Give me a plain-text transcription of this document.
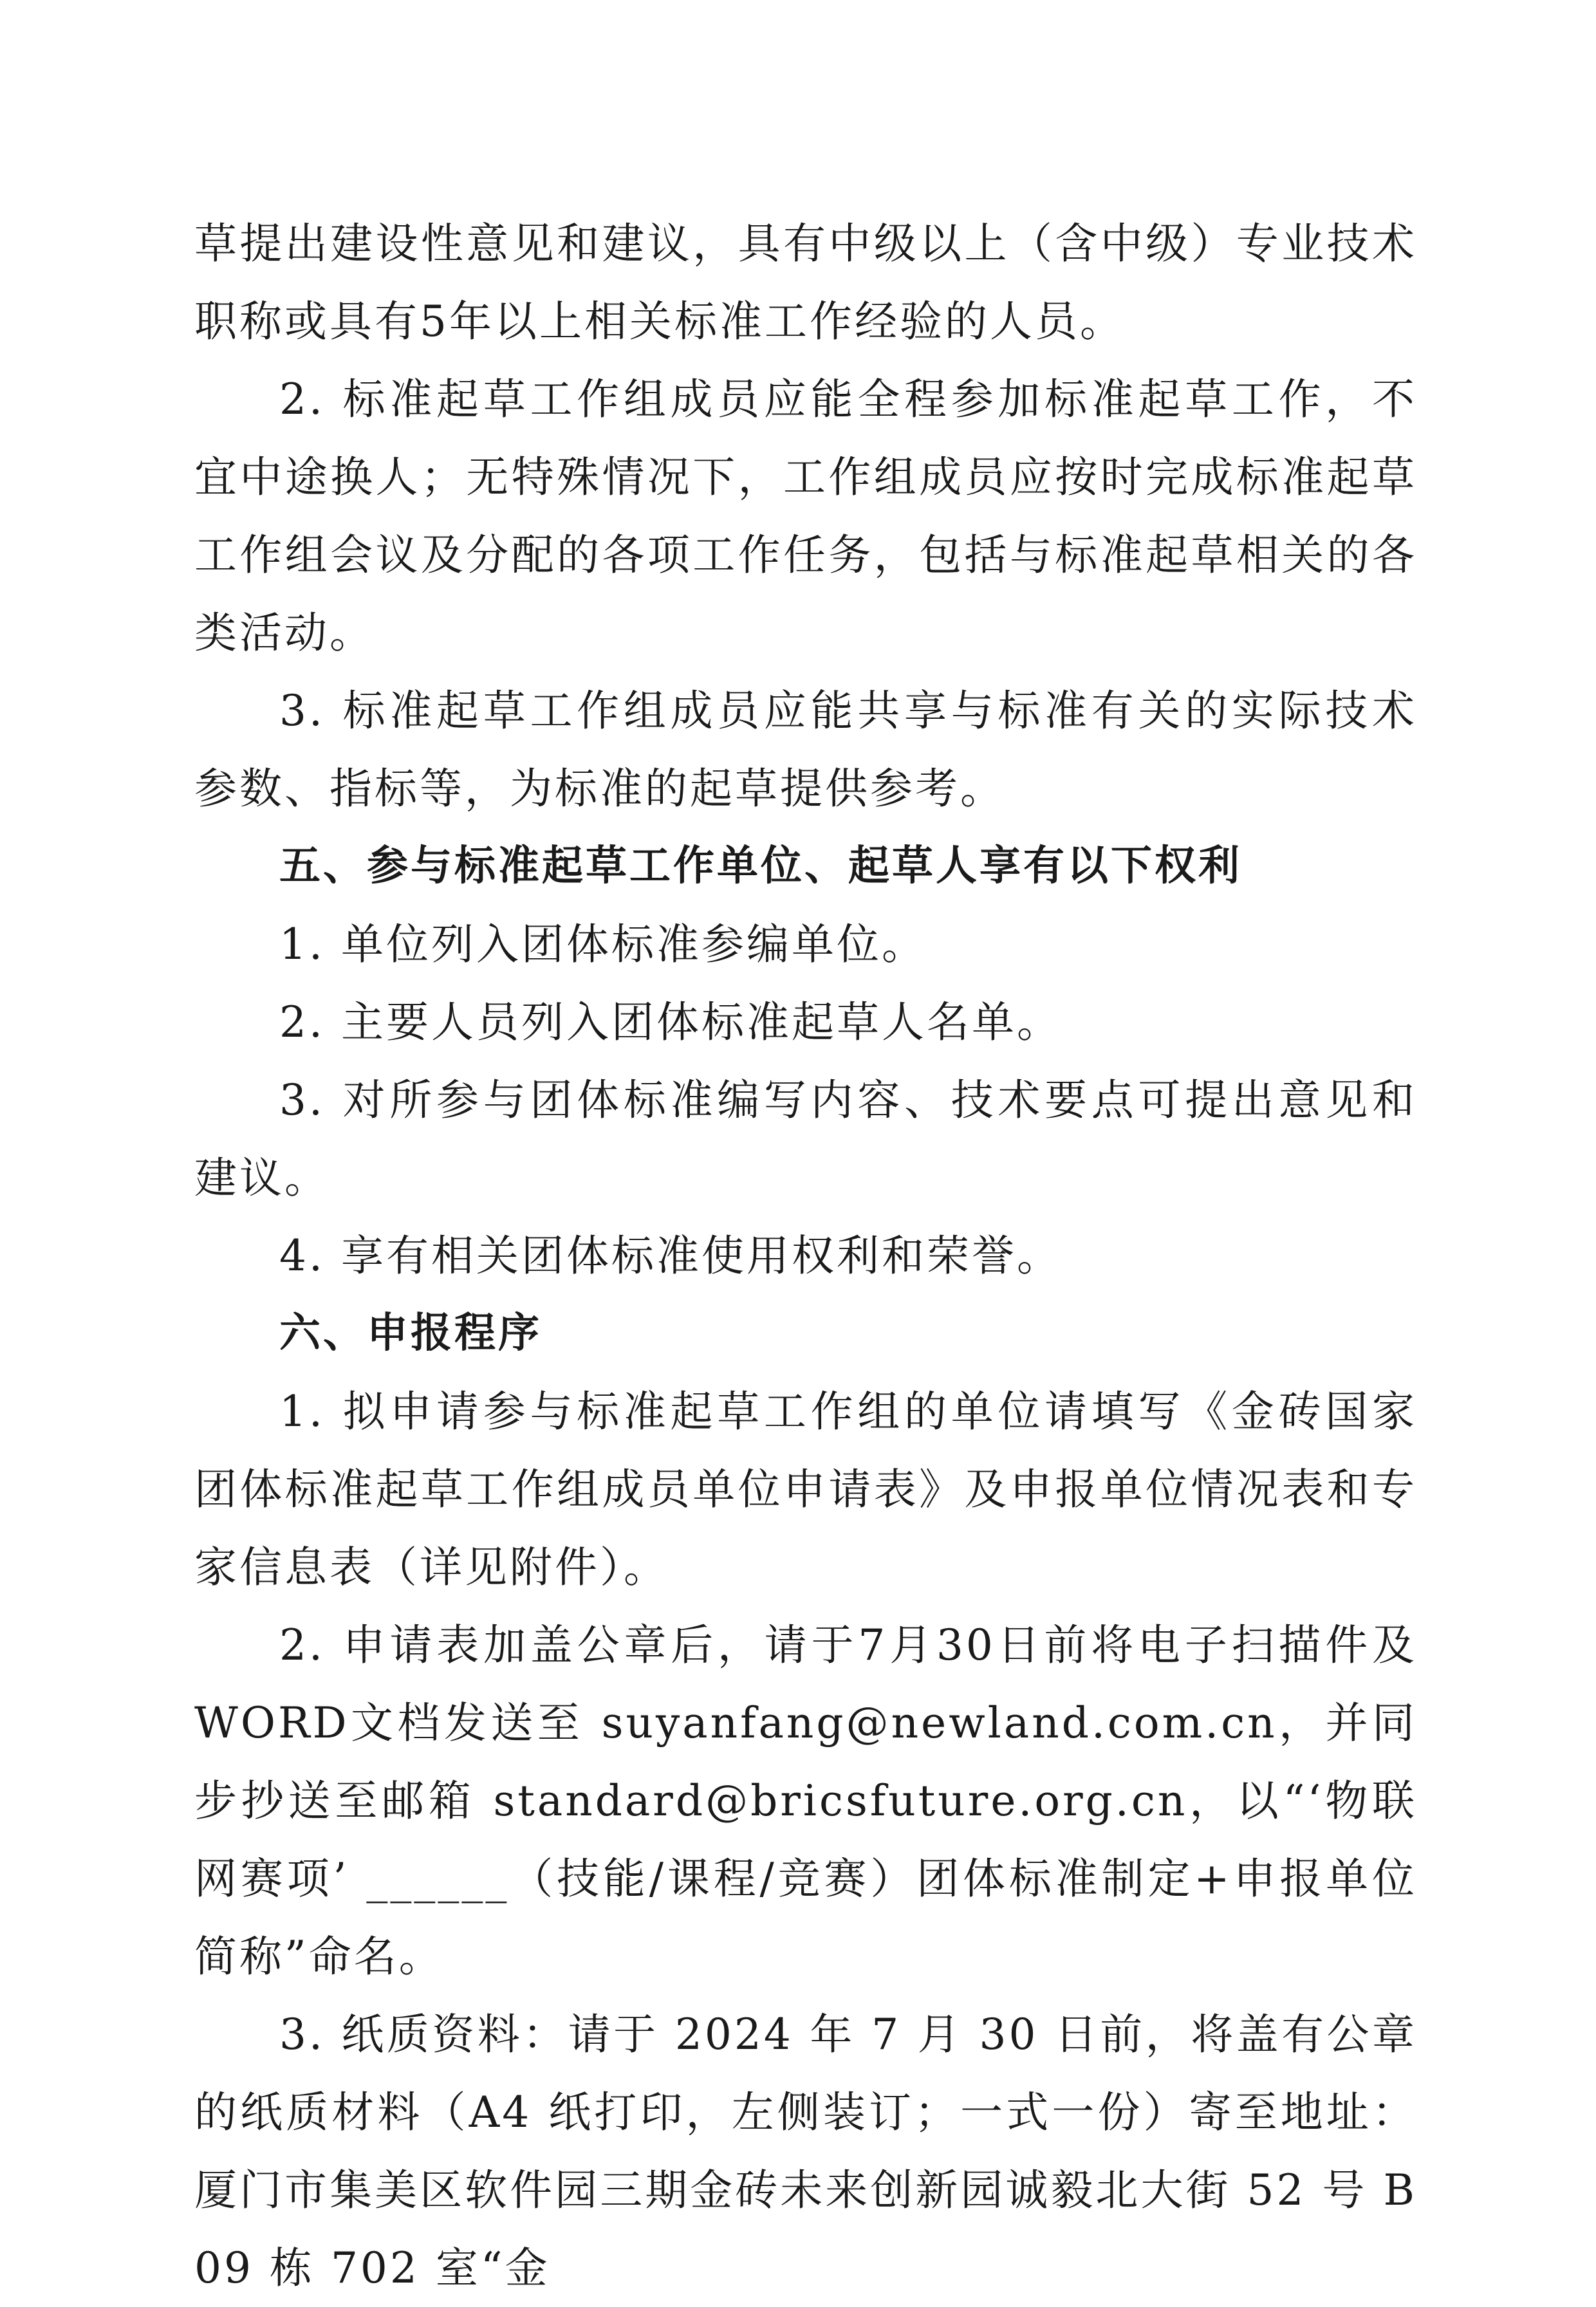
草提出建设性意见和建议，具有中级以上（含中级）专业技术职称或具有5年以上相关标准工作经验的人员。

2. 标准起草工作组成员应能全程参加标准起草工作，不宜中途换人；无特殊情况下，工作组成员应按时完成标准起草工作组会议及分配的各项工作任务，包括与标准起草相关的各类活动。

3. 标准起草工作组成员应能共享与标准有关的实际技术参数、指标等，为标准的起草提供参考。

五、参与标准起草工作单位、起草人享有以下权利

1. 单位列入团体标准参编单位。

2. 主要人员列入团体标准起草人名单。

3. 对所参与团体标准编写内容、技术要点可提出意见和建议。

4. 享有相关团体标准使用权利和荣誉。

六、申报程序

1. 拟申请参与标准起草工作组的单位请填写《金砖国家团体标准起草工作组成员单位申请表》及申报单位情况表和专家信息表（详见附件）。

2. 申请表加盖公章后，请于7月30日前将电子扫描件及WORD文档发送至 suyanfang@newland.com.cn，并同步抄送至邮箱 standard@bricsfuture.org.cn，以“‘物联网赛项’ ______（技能/课程/竞赛）团体标准制定+申报单位简称”命名。

3. 纸质资料：请于 2024 年 7 月 30 日前，将盖有公章的纸质材料（A4 纸打印，左侧装订；一式一份）寄至地址：厦门市集美区软件园三期金砖未来创新园诚毅北大街 52 号 B09 栋 702 室“金
